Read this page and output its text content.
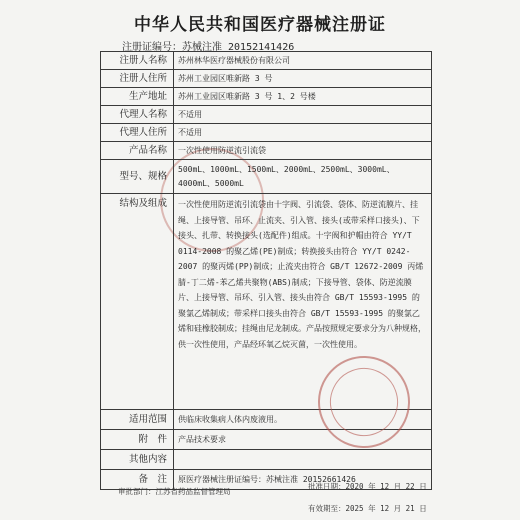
中华人民共和国医疗器械注册证
注册证编号：苏械注准 20152141426
注册人名称	苏州林华医疗器械股份有限公司
注册人住所	苏州工业园区唯新路 3 号
生产地址	苏州工业园区唯新路 3 号 1、2 号楼
代理人名称	不适用
代理人住所	不适用
产品名称	一次性使用防逆流引流袋
型号、规格	500mL、1000mL、1500mL、2000mL、2500mL、3000mL、4000mL、5000mL
结构及组成	一次性使用防逆流引流袋由十字阀、引流袋、袋体、防逆流膜片、挂绳、上接导管、吊环、止流夹、引入管、接头(或带采样口接头)、下接头、扎带、转换接头(选配件)组成。十字阀和护帽由符合 YY/T 0114-2008 的聚乙烯(PE)制成；转换接头由符合 YY/T 0242-2007 的聚丙烯(PP)制成；止流夹由符合 GB/T 12672-2009 丙烯腈-丁二烯-苯乙烯共聚物(ABS)制成；下接导管、袋体、防逆流膜片、上接导管、吊环、引入管、接头由符合 GB/T 15593-1995 的聚氯乙烯制成；带采样口接头由符合 GB/T 15593-1995 的聚氯乙烯和硅橡胶制成；挂绳由尼龙制成。产品按照规定要求分为八种规格，供一次性使用，产品经环氧乙烷灭菌，一次性使用。
适用范围	供临床收集病人体内废液用。
附　件	产品技术要求
其他内容	
备　注	原医疗器械注册证编号：苏械注准 20152661426
审批部门：江苏省药品监督管理局
批准日期：2020 年 12 月 22 日
有效期至：2025 年 12 月 21 日
